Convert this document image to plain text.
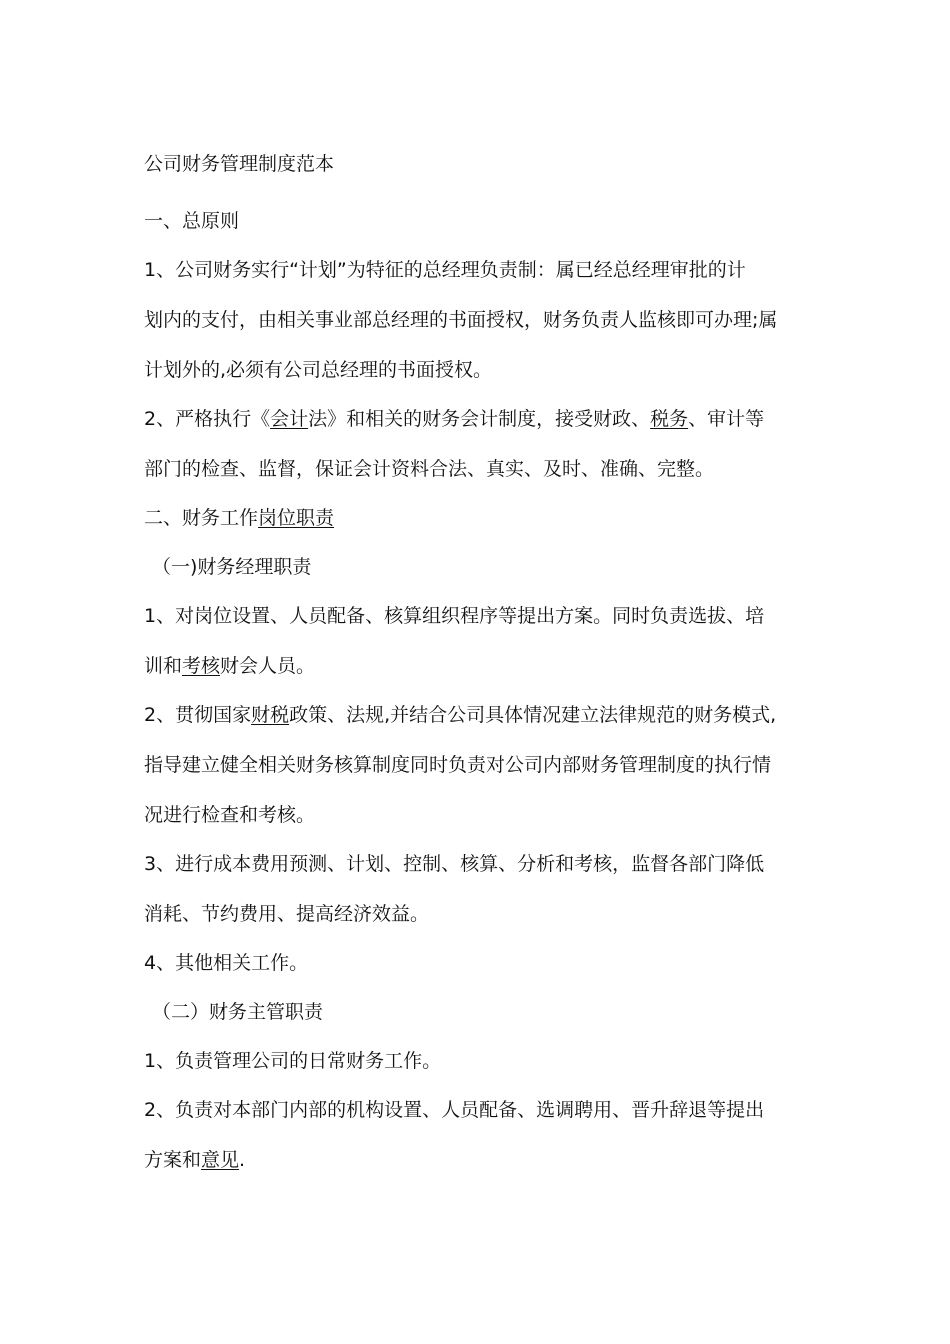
公司财务管理制度范本

一、总原则

1、公司财务实行“计划”为特征的总经理负责制：属已经总经理审批的计
划内的支付，由相关事业部总经理的书面授权，财务负责人监核即可办理;属
计划外的,必须有公司总经理的书面授权。
2、严格执行《会计法》和相关的财务会计制度，接受财政、税务、审计等
部门的检查、监督，保证会计资料合法、真实、及时、准确、完整。

二、财务工作岗位职责

（一)财务经理职责

1、对岗位设置、人员配备、核算组织程序等提出方案。同时负责选拔、培
训和考核财会人员。
2、贯彻国家财税政策、法规,并结合公司具体情况建立法律规范的财务模式,
指导建立健全相关财务核算制度同时负责对公司内部财务管理制度的执行情
况进行检查和考核。
3、进行成本费用预测、计划、控制、核算、分析和考核，监督各部门降低
消耗、节约费用、提高经济效益。

4、其他相关工作。

（二）财务主管职责

1、负责管理公司的日常财务工作。

2、负责对本部门内部的机构设置、人员配备、选调聘用、晋升辞退等提出
方案和意见.
